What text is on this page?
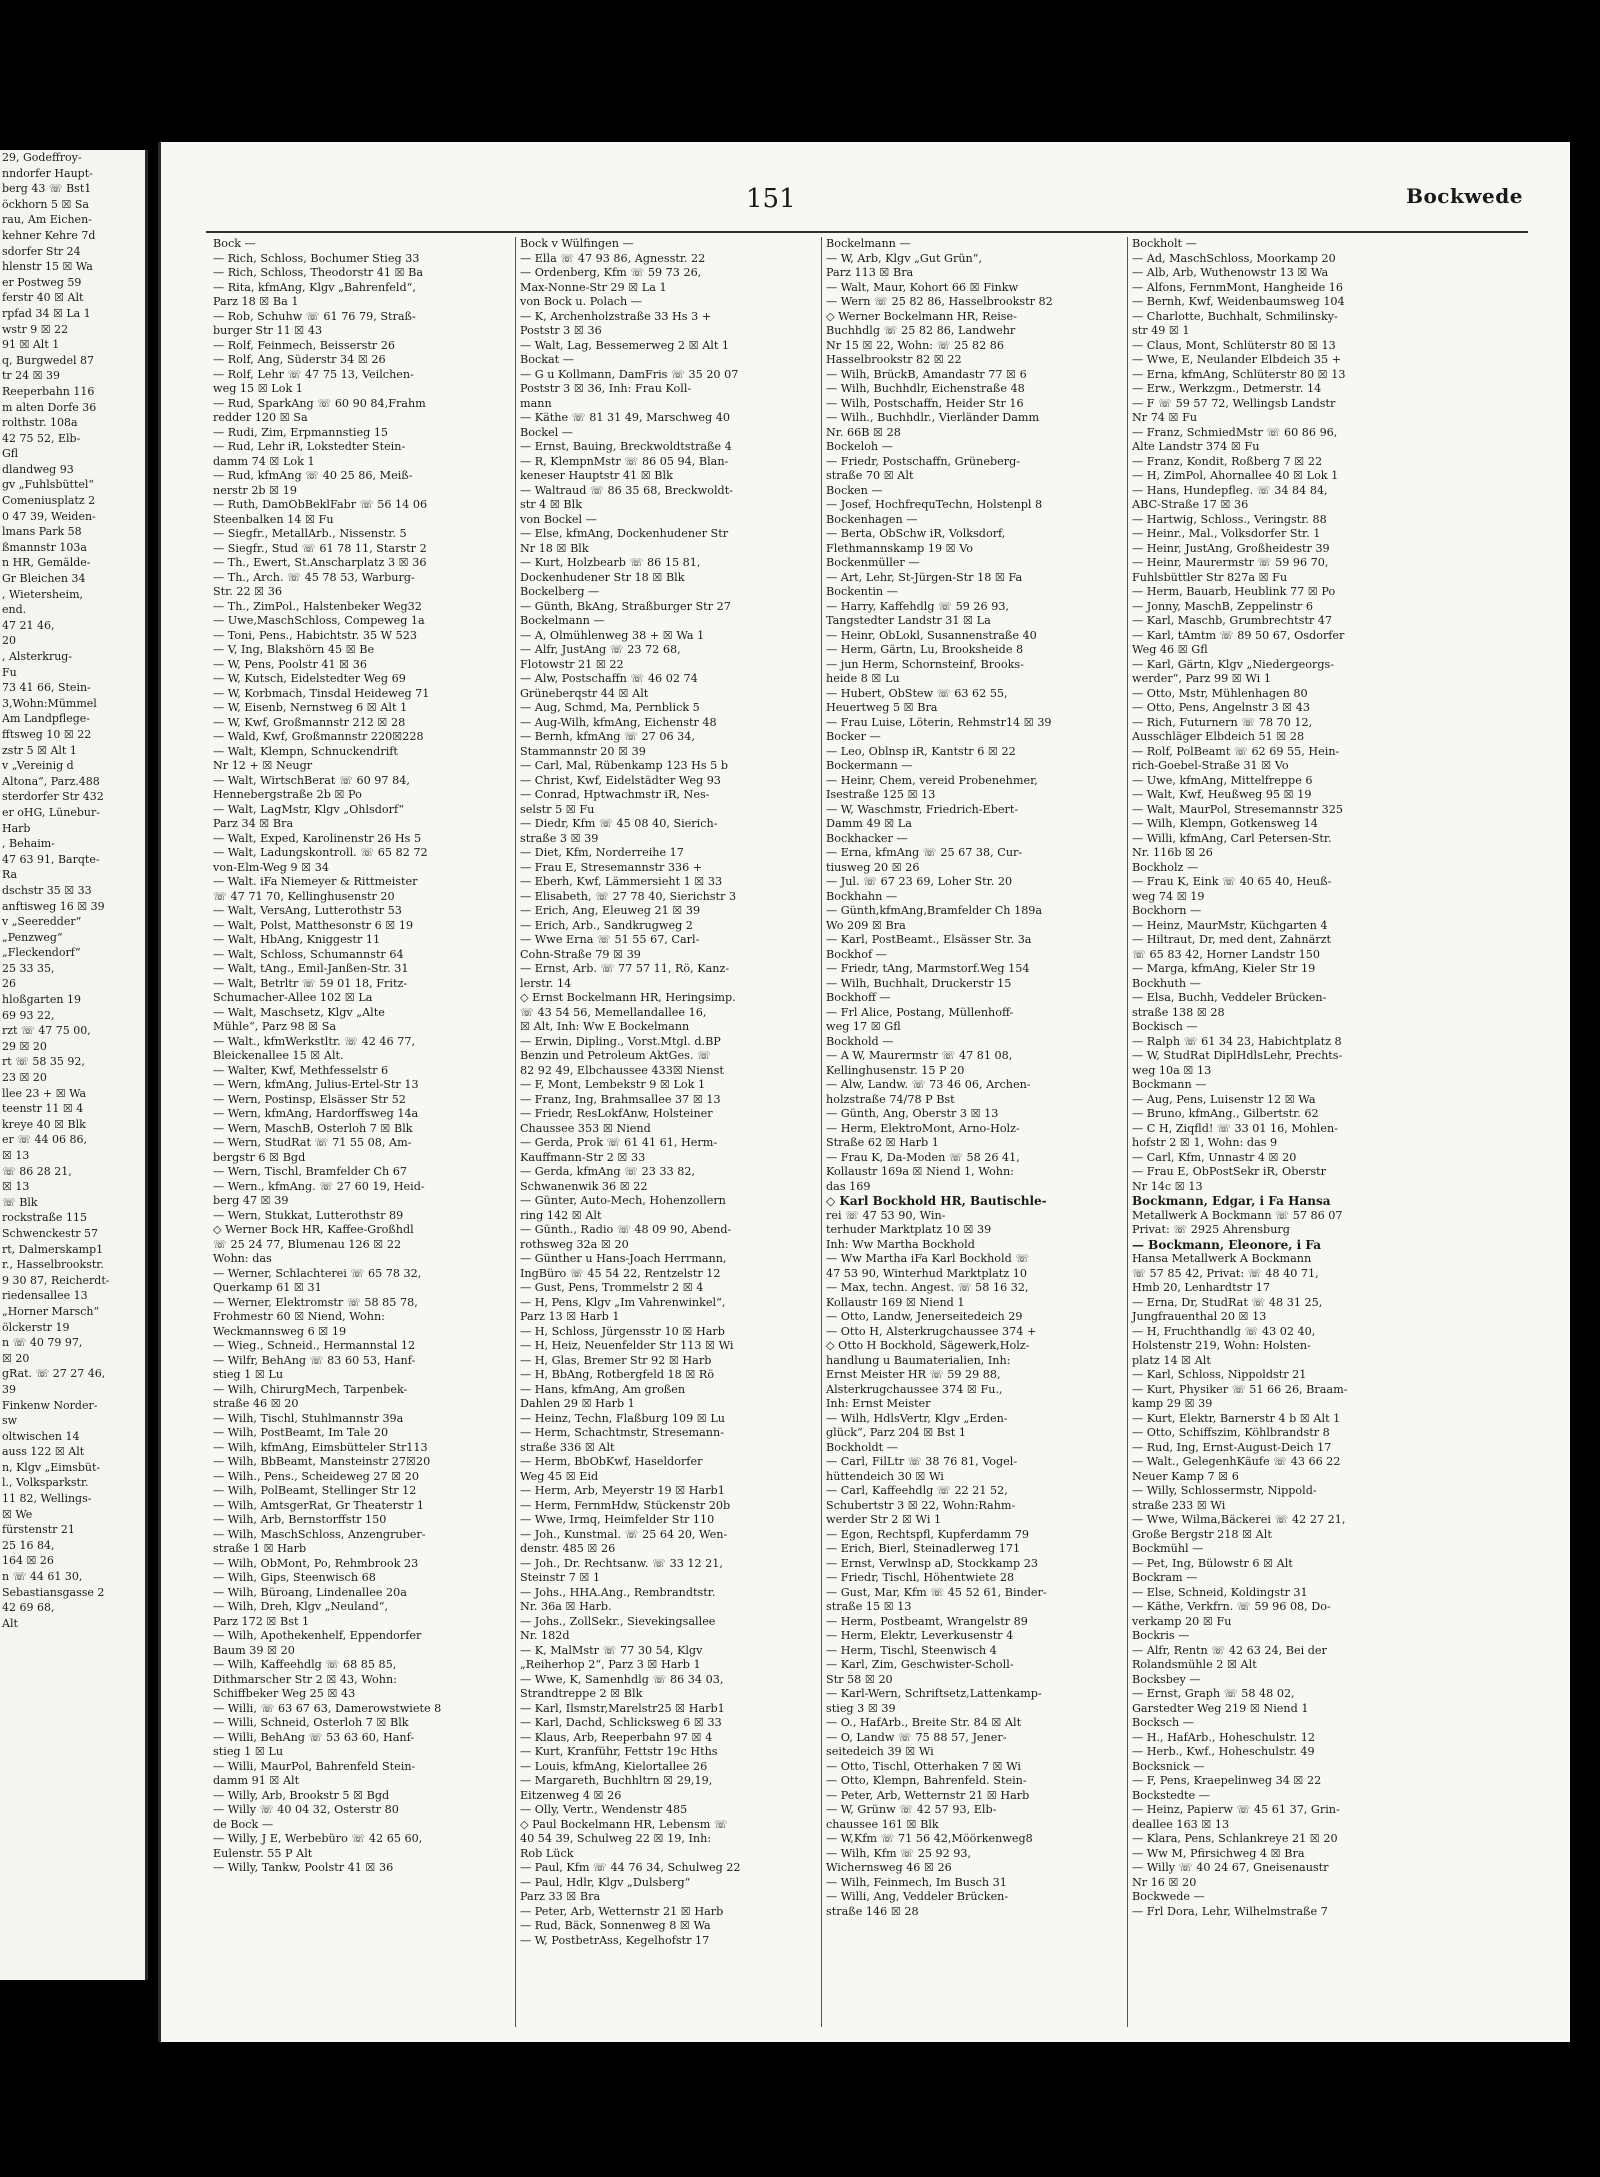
29, Godeffroy-
nndorfer Haupt-
berg 43 ☏ Bst1
öckhorn 5 ☒ Sa
rau, Am Eichen-
kehner Kehre 7d
sdorfer Str 24
hlenstr 15 ☒ Wa
er Postweg 59
ferstr 40 ☒ Alt
rpfad 34 ☒ La 1
wstr 9 ☒ 22
91 ☒ Alt 1
q, Burgwedel 87
tr 24 ☒ 39
Reeperbahn 116
m alten Dorfe 36
rolthstr. 108a
42 75 52, Elb-
Gfl
dlandweg 93
gv „Fuhlsbüttel“
Comeniusplatz 2
0 47 39, Weiden-
lmans Park 58
ßmannstr 103a
n HR, Gemälde-
Gr Bleichen 34
, Wietersheim,
end.
47 21 46,
20
, Alsterkrug-
Fu
73 41 66, Stein-
3,Wohn:Mümmel
Am Landpflege-
fftsweg 10 ☒ 22
zstr 5 ☒ Alt 1
v „Vereinig d
Altona“, Parz.488
sterdorfer Str 432
er oHG, Lünebur-
Harb
, Behaim-
47 63 91, Barqte-
Ra
dschstr 35 ☒ 33
anftisweg 16 ☒ 39
v „Seeredder“
„Penzweg“
„Fleckendorf“
25 33 35,
26
hloßgarten 19
69 93 22,
rzt ☏ 47 75 00,
29 ☒ 20
rt ☏ 58 35 92,
23 ☒ 20
llee 23 + ☒ Wa
teenstr 11 ☒ 4
kreye 40 ☒ Blk
er ☏ 44 06 86,
☒ 13
☏ 86 28 21,
☒ 13
☏ Blk
rockstraße 115
Schwenckestr 57
rt, Dalmerskamp1
r., Hasselbrookstr.
9 30 87, Reicherdt-
riedensallee 13
„Horner Marsch“
ölckerstr 19
n ☏ 40 79 97,
☒ 20
gRat. ☏ 27 27 46,
39
Finkenw Norder-
sw
oltwischen 14
auss 122 ☒ Alt
n, Klgv „Eimsbüt-
l., Volksparkstr.
11 82, Wellings-
☒ We
fürstenstr 21
25 16 84,
164 ☒ 26
n ☏ 44 61 30,
Sebastiansgasse 2
42 69 68,
Alt
151	Bockwede
Bock —
— Rich, Schloss, Bochumer Stieg 33
— Rich, Schloss, Theodorstr 41 ☒ Ba
— Rita, kfmAng, Klgv „Bahrenfeld“,
Parz 18 ☒ Ba 1
— Rob, Schuhw ☏ 61 76 79, Straß-
burger Str 11 ☒ 43
— Rolf, Feinmech, Beisserstr 26
— Rolf, Ang, Süderstr 34 ☒ 26
— Rolf, Lehr ☏ 47 75 13, Veilchen-
weg 15 ☒ Lok 1
— Rud, SparkAng ☏ 60 90 84,Frahm
redder 120 ☒ Sa
— Rudi, Zim, Erpmannstieg 15
— Rud, Lehr iR, Lokstedter Stein-
damm 74 ☒ Lok 1
— Rud, kfmAng ☏ 40 25 86, Meiß-
nerstr 2b ☒ 19
— Ruth, DamObBeklFabr ☏ 56 14 06
Steenbalken 14 ☒ Fu
— Siegfr., MetallArb., Nissenstr. 5
— Siegfr., Stud ☏ 61 78 11, Starstr 2
— Th., Ewert, St.Anscharplatz 3 ☒ 36
— Th., Arch. ☏ 45 78 53, Warburg-
Str. 22 ☒ 36
— Th., ZimPol., Halstenbeker Weg32
— Uwe,MaschSchloss, Compeweg 1a
— Toni, Pens., Habichtstr. 35 W 523
— V, Ing, Blakshörn 45 ☒ Be
— W, Pens, Poolstr 41 ☒ 36
— W, Kutsch, Eidelstedter Weg 69
— W, Korbmach, Tinsdal Heideweg 71
— W, Eisenb, Nernstweg 6 ☒ Alt 1
— W, Kwf, Großmannstr 212 ☒ 28
— Wald, Kwf, Großmannstr 220☒228
— Walt, Klempn, Schnuckendrift
Nr 12 + ☒ Neugr
— Walt, WirtschBerat ☏ 60 97 84,
Hennebergstraße 2b ☒ Po
— Walt, LagMstr, Klgv „Ohlsdorf“
Parz 34 ☒ Bra
— Walt, Exped, Karolinenstr 26 Hs 5
— Walt, Ladungskontroll. ☏ 65 82 72
von-Elm-Weg 9 ☒ 34
— Walt. iFa Niemeyer & Rittmeister
☏ 47 71 70, Kellinghusenstr 20
— Walt, VersAng, Lutterothstr 53
— Walt, Polst, Matthesonstr 6 ☒ 19
— Walt, HbAng, Kniggestr 11
— Walt, Schloss, Schumannstr 64
— Walt, tAng., Emil-Janßen-Str. 31
— Walt, Betrltr ☏ 59 01 18, Fritz-
Schumacher-Allee 102 ☒ La
— Walt, Maschsetz, Klgv „Alte
Mühle“, Parz 98 ☒ Sa
— Walt., kfmWerkstltr. ☏ 42 46 77,
Bleickenallee 15 ☒ Alt.
— Walter, Kwf, Methfesselstr 6
— Wern, kfmAng, Julius-Ertel-Str 13
— Wern, Postinsp, Elsässer Str 52
— Wern, kfmAng, Hardorffsweg 14a
— Wern, MaschB, Osterloh 7 ☒ Blk
— Wern, StudRat ☏ 71 55 08, Am-
bergstr 6 ☒ Bgd
— Wern, Tischl, Bramfelder Ch 67
— Wern., kfmAng. ☏ 27 60 19, Heid-
berg 47 ☒ 39
— Wern, Stukkat, Lutterothstr 89
◇ Werner Bock HR, Kaffee-Großhdl
☏ 25 24 77, Blumenau 126 ☒ 22
Wohn: das
— Werner, Schlachterei ☏ 65 78 32,
Querkamp 61 ☒ 31
— Werner, Elektromstr ☏ 58 85 78,
Frohmestr 60 ☒ Niend, Wohn:
Weckmannsweg 6 ☒ 19
— Wieg., Schneid., Hermannstal 12
— Wilfr, BehAng ☏ 83 60 53, Hanf-
stieg 1 ☒ Lu
— Wilh, ChirurgMech, Tarpenbek-
straße 46 ☒ 20
— Wilh, Tischl, Stuhlmannstr 39a
— Wilh, PostBeamt, Im Tale 20
— Wilh, kfmAng, Eimsbütteler Str113
— Wilh, BbBeamt, Mansteinstr 27☒20
— Wilh., Pens., Scheideweg 27 ☒ 20
— Wilh, PolBeamt, Stellinger Str 12
— Wilh, AmtsgerRat, Gr Theaterstr 1
— Wilh, Arb, Bernstorffstr 150
— Wilh, MaschSchloss, Anzengruber-
straße 1 ☒ Harb
— Wilh, ObMont, Po, Rehmbrook 23
— Wilh, Gips, Steenwisch 68
— Wilh, Büroang, Lindenallee 20a
— Wilh, Dreh, Klgv „Neuland“,
Parz 172 ☒ Bst 1
— Wilh, Apothekenhelf, Eppendorfer
Baum 39 ☒ 20
— Wilh, Kaffeehdlg ☏ 68 85 85,
Dithmarscher Str 2 ☒ 43, Wohn:
Schiffbeker Weg 25 ☒ 43
— Willi, ☏ 63 67 63, Damerowstwiete 8
— Willi, Schneid, Osterloh 7 ☒ Blk
— Willi, BehAng ☏ 53 63 60, Hanf-
stieg 1 ☒ Lu
— Willi, MaurPol, Bahrenfeld Stein-
damm 91 ☒ Alt
— Willy, Arb, Brookstr 5 ☒ Bgd
— Willy ☏ 40 04 32, Osterstr 80
de Bock —
— Willy, J E, Werbebüro ☏ 42 65 60,
Eulenstr. 55 P Alt
— Willy, Tankw, Poolstr 41 ☒ 36
Bock v Wülfingen —
— Ella ☏ 47 93 86, Agnesstr. 22
— Ordenberg, Kfm ☏ 59 73 26,
Max-Nonne-Str 29 ☒ La 1
von Bock u. Polach —
— K, Archenholzstraße 33 Hs 3 +
Poststr 3 ☒ 36
— Walt, Lag, Bessemerweg 2 ☒ Alt 1
Bockat —
— G u Kollmann, DamFris ☏ 35 20 07
Poststr 3 ☒ 36, Inh: Frau Koll-
mann
— Käthe ☏ 81 31 49, Marschweg 40
Bockel —
— Ernst, Bauing, Breckwoldtstraße 4
— R, KlempnMstr ☏ 86 05 94, Blan-
keneser Hauptstr 41 ☒ Blk
— Waltraud ☏ 86 35 68, Breckwoldt-
str 4 ☒ Blk
von Bockel —
— Else, kfmAng, Dockenhudener Str
Nr 18 ☒ Blk
— Kurt, Holzbearb ☏ 86 15 81,
Dockenhudener Str 18 ☒ Blk
Bockelberg —
— Günth, BkAng, Straßburger Str 27
Bockelmann —
— A, Olmühlenweg 38 + ☒ Wa 1
— Alfr, JustAng ☏ 23 72 68,
Flotowstr 21 ☒ 22
— Alw, Postschaffn ☏ 46 02 74
Grüneberqstr 44 ☒ Alt
— Aug, Schmd, Ma, Pernblick 5
— Aug-Wilh, kfmAng, Eichenstr 48
— Bernh, kfmAng ☏ 27 06 34,
Stammannstr 20 ☒ 39
— Carl, Mal, Rübenkamp 123 Hs 5 b
— Christ, Kwf, Eidelstädter Weg 93
— Conrad, Hptwachmstr iR, Nes-
selstr 5 ☒ Fu
— Diedr, Kfm ☏ 45 08 40, Sierich-
straße 3 ☒ 39
— Diet, Kfm, Norderreihe 17
— Frau E, Stresemannstr 336 +
— Eberh, Kwf, Lämmersieht 1 ☒ 33
— Elisabeth, ☏ 27 78 40, Sierichstr 3
— Erich, Ang, Eleuweg 21 ☒ 39
— Erich, Arb., Sandkrugweg 2
— Wwe Erna ☏ 51 55 67, Carl-
Cohn-Straße 79 ☒ 39
— Ernst, Arb. ☏ 77 57 11, Rö, Kanz-
lerstr. 14
◇ Ernst Bockelmann HR, Heringsimp.
☏ 43 54 56, Memellandallee 16,
☒ Alt, Inh: Ww E Bockelmann
— Erwin, Dipling., Vorst.Mtgl. d.BP
Benzin und Petroleum AktGes. ☏
82 92 49, Elbchaussee 433☒ Nienst
— F, Mont, Lembekstr 9 ☒ Lok 1
— Franz, Ing, Brahmsallee 37 ☒ 13
— Friedr, ResLokfAnw, Holsteiner
Chaussee 353 ☒ Niend
— Gerda, Prok ☏ 61 41 61, Herm-
Kauffmann-Str 2 ☒ 33
— Gerda, kfmAng ☏ 23 33 82,
Schwanenwik 36 ☒ 22
— Günter, Auto-Mech, Hohenzollern
ring 142 ☒ Alt
— Günth., Radio ☏ 48 09 90, Abend-
rothsweg 32a ☒ 20
— Günther u Hans-Joach Herrmann,
IngBüro ☏ 45 54 22, Rentzelstr 12
— Gust, Pens, Trommelstr 2 ☒ 4
— H, Pens, Klgv „Im Vahrenwinkel“,
Parz 13 ☒ Harb 1
— H, Schloss, Jürgensstr 10 ☒ Harb
— H, Heiz, Neuenfelder Str 113 ☒ Wi
— H, Glas, Bremer Str 92 ☒ Harb
— H, BbAng, Rotbergfeld 18 ☒ Rö
— Hans, kfmAng, Am großen
Dahlen 29 ☒ Harb 1
— Heinz, Techn, Flaßburg 109 ☒ Lu
— Herm, Schachtmstr, Stresemann-
straße 336 ☒ Alt
— Herm, BbObKwf, Haseldorfer
Weg 45 ☒ Eid
— Herm, Arb, Meyerstr 19 ☒ Harb1
— Herm, FernmHdw, Stückenstr 20b
— Wwe, Irmq, Heimfelder Str 110
— Joh., Kunstmal. ☏ 25 64 20, Wen-
denstr. 485 ☒ 26
— Joh., Dr. Rechtsanw. ☏ 33 12 21,
Steinstr 7 ☒ 1
— Johs., HHA.Ang., Rembrandtstr.
Nr. 36a ☒ Harb.
— Johs., ZollSekr., Sievekingsallee
Nr. 182d
— K, MalMstr ☏ 77 30 54, Klgv
„Reiherhop 2“, Parz 3 ☒ Harb 1
— Wwe, K, Samenhdlg ☏ 86 34 03,
Strandtreppe 2 ☒ Blk
— Karl, Ilsmstr,Marelstr25 ☒ Harb1
— Karl, Dachd, Schlicksweg 6 ☒ 33
— Klaus, Arb, Reeperbahn 97 ☒ 4
— Kurt, Kranführ, Fettstr 19c Hths
— Louis, kfmAng, Kielortallee 26
— Margareth, Buchhltrn ☒ 29,19,
Eitzenweg 4 ☒ 26
— Olly, Vertr., Wendenstr 485
◇ Paul Bockelmann HR, Lebensm ☏
40 54 39, Schulweg 22 ☒ 19, Inh:
Rob Lück
— Paul, Kfm ☏ 44 76 34, Schulweg 22
— Paul, Hdlr, Klgv „Dulsberg“
Parz 33 ☒ Bra
— Peter, Arb, Wetternstr 21 ☒ Harb
— Rud, Bäck, Sonnenweg 8 ☒ Wa
— W, PostbetrAss, Kegelhofstr 17
Bockelmann —
— W, Arb, Klgv „Gut Grün“,
Parz 113 ☒ Bra
— Walt, Maur, Kohort 66 ☒ Finkw
— Wern ☏ 25 82 86, Hasselbrookstr 82
◇ Werner Bockelmann HR, Reise-
Buchhdlg ☏ 25 82 86, Landwehr
Nr 15 ☒ 22, Wohn: ☏ 25 82 86
Hasselbrookstr 82 ☒ 22
— Wilh, BrückB, Amandastr 77 ☒ 6
— Wilh, Buchhdlr, Eichenstraße 48
— Wilh, Postschaffn, Heider Str 16
— Wilh., Buchhdlr., Vierländer Damm
Nr. 66B ☒ 28
Bockeloh —
— Friedr, Postschaffn, Grüneberg-
straße 70 ☒ Alt
Bocken —
— Josef, HochfrequTechn, Holstenpl 8
Bockenhagen —
— Berta, ObSchw iR, Volksdorf,
Flethmannskamp 19 ☒ Vo
Bockenmüller —
— Art, Lehr, St-Jürgen-Str 18 ☒ Fa
Bockentin —
— Harry, Kaffehdlg ☏ 59 26 93,
Tangstedter Landstr 31 ☒ La
— Heinr, ObLokl, Susannenstraße 40
— Herm, Gärtn, Lu, Brooksheide 8
— jun Herm, Schornsteinf, Brooks-
heide 8 ☒ Lu
— Hubert, ObStew ☏ 63 62 55,
Heuertweg 5 ☒ Bra
— Frau Luise, Löterin, Rehmstr14 ☒ 39
Bocker —
— Leo, Oblnsp iR, Kantstr 6 ☒ 22
Bockermann —
— Heinr, Chem, vereid Probenehmer,
Isestraße 125 ☒ 13
— W, Waschmstr, Friedrich-Ebert-
Damm 49 ☒ La
Bockhacker —
— Erna, kfmAng ☏ 25 67 38, Cur-
tiusweg 20 ☒ 26
— Jul. ☏ 67 23 69, Loher Str. 20
Bockhahn —
— Günth,kfmAng,Bramfelder Ch 189a
Wo 209 ☒ Bra
— Karl, PostBeamt., Elsässer Str. 3a
Bockhof —
— Friedr, tAng, Marmstorf.Weg 154
— Wilh, Buchhalt, Druckerstr 15
Bockhoff —
— Frl Alice, Postang, Müllenhoff-
weg 17 ☒ Gfl
Bockhold —
— A W, Maurermstr ☏ 47 81 08,
Kellinghusenstr. 15 P 20
— Alw, Landw. ☏ 73 46 06, Archen-
holzstraße 74/78 P Bst
— Günth, Ang, Oberstr 3 ☒ 13
— Herm, ElektroMont, Arno-Holz-
Straße 62 ☒ Harb 1
— Frau K, Da-Moden ☏ 58 26 41,
Kollaustr 169a ☒ Niend 1, Wohn:
das 169
◇ Karl Bockhold HR, Bautischle-
rei ☏ 47 53 90, Win-
terhuder Marktplatz 10 ☒ 39
Inh: Ww Martha Bockhold
— Ww Martha iFa Karl Bockhold ☏
47 53 90, Winterhud Marktplatz 10
— Max, techn. Angest. ☏ 58 16 32,
Kollaustr 169 ☒ Niend 1
— Otto, Landw, Jenerseitedeich 29
— Otto H, Alsterkrugchaussee 374 +
◇ Otto H Bockhold, Sägewerk,Holz-
handlung u Baumaterialien, Inh:
Ernst Meister HR ☏ 59 29 88,
Alsterkrugchaussee 374 ☒ Fu.,
Inh: Ernst Meister
— Wilh, HdlsVertr, Klgv „Erden-
glück“, Parz 204 ☒ Bst 1
Bockholdt —
— Carl, FilLtr ☏ 38 76 81, Vogel-
hüttendeich 30 ☒ Wi
— Carl, Kaffeehdlg ☏ 22 21 52,
Schubertstr 3 ☒ 22, Wohn:Rahm-
werder Str 2 ☒ Wi 1
— Egon, Rechtspfl, Kupferdamm 79
— Erich, Bierl, Steinadlerweg 171
— Ernst, Verwlnsp aD, Stockkamp 23
— Friedr, Tischl, Höhentwiete 28
— Gust, Mar, Kfm ☏ 45 52 61, Binder-
straße 15 ☒ 13
— Herm, Postbeamt, Wrangelstr 89
— Herm, Elektr, Leverkusenstr 4
— Herm, Tischl, Steenwisch 4
— Karl, Zim, Geschwister-Scholl-
Str 58 ☒ 20
— Karl-Wern, Schriftsetz,Lattenkamp-
stieg 3 ☒ 39
— O., HafArb., Breite Str. 84 ☒ Alt
— O, Landw ☏ 75 88 57, Jener-
seitedeich 39 ☒ Wi
— Otto, Tischl, Otterhaken 7 ☒ Wi
— Otto, Klempn, Bahrenfeld. Stein-
— Peter, Arb, Wetternstr 21 ☒ Harb
— W, Grünw ☏ 42 57 93, Elb-
chaussee 161 ☒ Blk
— W,Kfm ☏ 71 56 42,Möörkenweg8
— Wilh, Kfm ☏ 25 92 93,
Wichernsweg 46 ☒ 26
— Wilh, Feinmech, Im Busch 31
— Willi, Ang, Veddeler Brücken-
straße 146 ☒ 28
Bockholt —
— Ad, MaschSchloss, Moorkamp 20
— Alb, Arb, Wuthenowstr 13 ☒ Wa
— Alfons, FernmMont, Hangheide 16
— Bernh, Kwf, Weidenbaumsweg 104
— Charlotte, Buchhalt, Schmilinsky-
str 49 ☒ 1
— Claus, Mont, Schlüterstr 80 ☒ 13
— Wwe, E, Neulander Elbdeich 35 +
— Erna, kfmAng, Schlüterstr 80 ☒ 13
— Erw., Werkzgm., Detmerstr. 14
— F ☏ 59 57 72, Wellingsb Landstr
Nr 74 ☒ Fu
— Franz, SchmiedMstr ☏ 60 86 96,
Alte Landstr 374 ☒ Fu
— Franz, Kondit, Roßberg 7 ☒ 22
— H, ZimPol, Ahornallee 40 ☒ Lok 1
— Hans, Hundepfleg. ☏ 34 84 84,
ABC-Straße 17 ☒ 36
— Hartwig, Schloss., Veringstr. 88
— Heinr., Mal., Volksdorfer Str. 1
— Heinr, JustAng, Großheidestr 39
— Heinr, Maurermstr ☏ 59 96 70,
Fuhlsbüttler Str 827a ☒ Fu
— Herm, Bauarb, Heublink 77 ☒ Po
— Jonny, MaschB, Zeppelinstr 6
— Karl, Maschb, Grumbrechtstr 47
— Karl, tAmtm ☏ 89 50 67, Osdorfer
Weg 46 ☒ Gfl
— Karl, Gärtn, Klgv „Niedergeorgs-
werder“, Parz 99 ☒ Wi 1
— Otto, Mstr, Mühlenhagen 80
— Otto, Pens, Angelnstr 3 ☒ 43
— Rich, Futurnern ☏ 78 70 12,
Ausschläger Elbdeich 51 ☒ 28
— Rolf, PolBeamt ☏ 62 69 55, Hein-
rich-Goebel-Straße 31 ☒ Vo
— Uwe, kfmAng, Mittelfreppe 6
— Walt, Kwf, Heußweg 95 ☒ 19
— Walt, MaurPol, Stresemannstr 325
— Wilh, Klempn, Gotkensweg 14
— Willi, kfmAng, Carl Petersen-Str.
Nr. 116b ☒ 26
Bockholz —
— Frau K, Eink ☏ 40 65 40, Heuß-
weg 74 ☒ 19
Bockhorn —
— Heinz, MaurMstr, Küchgarten 4
— Hiltraut, Dr, med dent, Zahnärzt
☏ 65 83 42, Horner Landstr 150
— Marga, kfmAng, Kieler Str 19
Bockhuth —
— Elsa, Buchh, Veddeler Brücken-
straße 138 ☒ 28
Bockisch —
— Ralph ☏ 61 34 23, Habichtplatz 8
— W, StudRat DiplHdlsLehr, Prechts-
weg 10a ☒ 13
Bockmann —
— Aug, Pens, Luisenstr 12 ☒ Wa
— Bruno, kfmAng., Gilbertstr. 62
— C H, Ziqfld! ☏ 33 01 16, Mohlen-
hofstr 2 ☒ 1, Wohn: das 9
— Carl, Kfm, Unnastr 4 ☒ 20
— Frau E, ObPostSekr iR, Oberstr
Nr 14c ☒ 13
Bockmann, Edgar, i Fa Hansa
Metallwerk A Bockmann ☏ 57 86 07
Privat: ☏ 2925 Ahrensburg
— Bockmann, Eleonore, i Fa
Hansa Metallwerk A Bockmann
☏ 57 85 42, Privat: ☏ 48 40 71,
Hmb 20, Lenhardtstr 17
— Erna, Dr, StudRat ☏ 48 31 25,
Jungfrauenthal 20 ☒ 13
— H, Fruchthandlg ☏ 43 02 40,
Holstenstr 219, Wohn: Holsten-
platz 14 ☒ Alt
— Karl, Schloss, Nippoldstr 21
— Kurt, Physiker ☏ 51 66 26, Braam-
kamp 29 ☒ 39
— Kurt, Elektr, Barnerstr 4 b ☒ Alt 1
— Otto, Schiffszim, Köhlbrandstr 8
— Rud, Ing, Ernst-August-Deich 17
— Walt., GelegenhKäufe ☏ 43 66 22
Neuer Kamp 7 ☒ 6
— Willy, Schlossermstr, Nippold-
straße 233 ☒ Wi
— Wwe, Wilma,Bäckerei ☏ 42 27 21,
Große Bergstr 218 ☒ Alt
Bockmühl —
— Pet, Ing, Bülowstr 6 ☒ Alt
Bockram —
— Else, Schneid, Koldingstr 31
— Käthe, Verkfrn. ☏ 59 96 08, Do-
verkamp 20 ☒ Fu
Bockris —
— Alfr, Rentn ☏ 42 63 24, Bei der
Rolandsmühle 2 ☒ Alt
Bocksbey —
— Ernst, Graph ☏ 58 48 02,
Garstedter Weg 219 ☒ Niend 1
Bocksch —
— H., HafArb., Hoheschulstr. 12
— Herb., Kwf., Hoheschulstr. 49
Bocksnick —
— F, Pens, Kraepelinweg 34 ☒ 22
Bockstedte —
— Heinz, Papierw ☏ 45 61 37, Grin-
deallee 163 ☒ 13
— Klara, Pens, Schlankreye 21 ☒ 20
— Ww M, Pfirsichweg 4 ☒ Bra
— Willy ☏ 40 24 67, Gneisenaustr
Nr 16 ☒ 20
Bockwede —
— Frl Dora, Lehr, Wilhelmstraße 7
